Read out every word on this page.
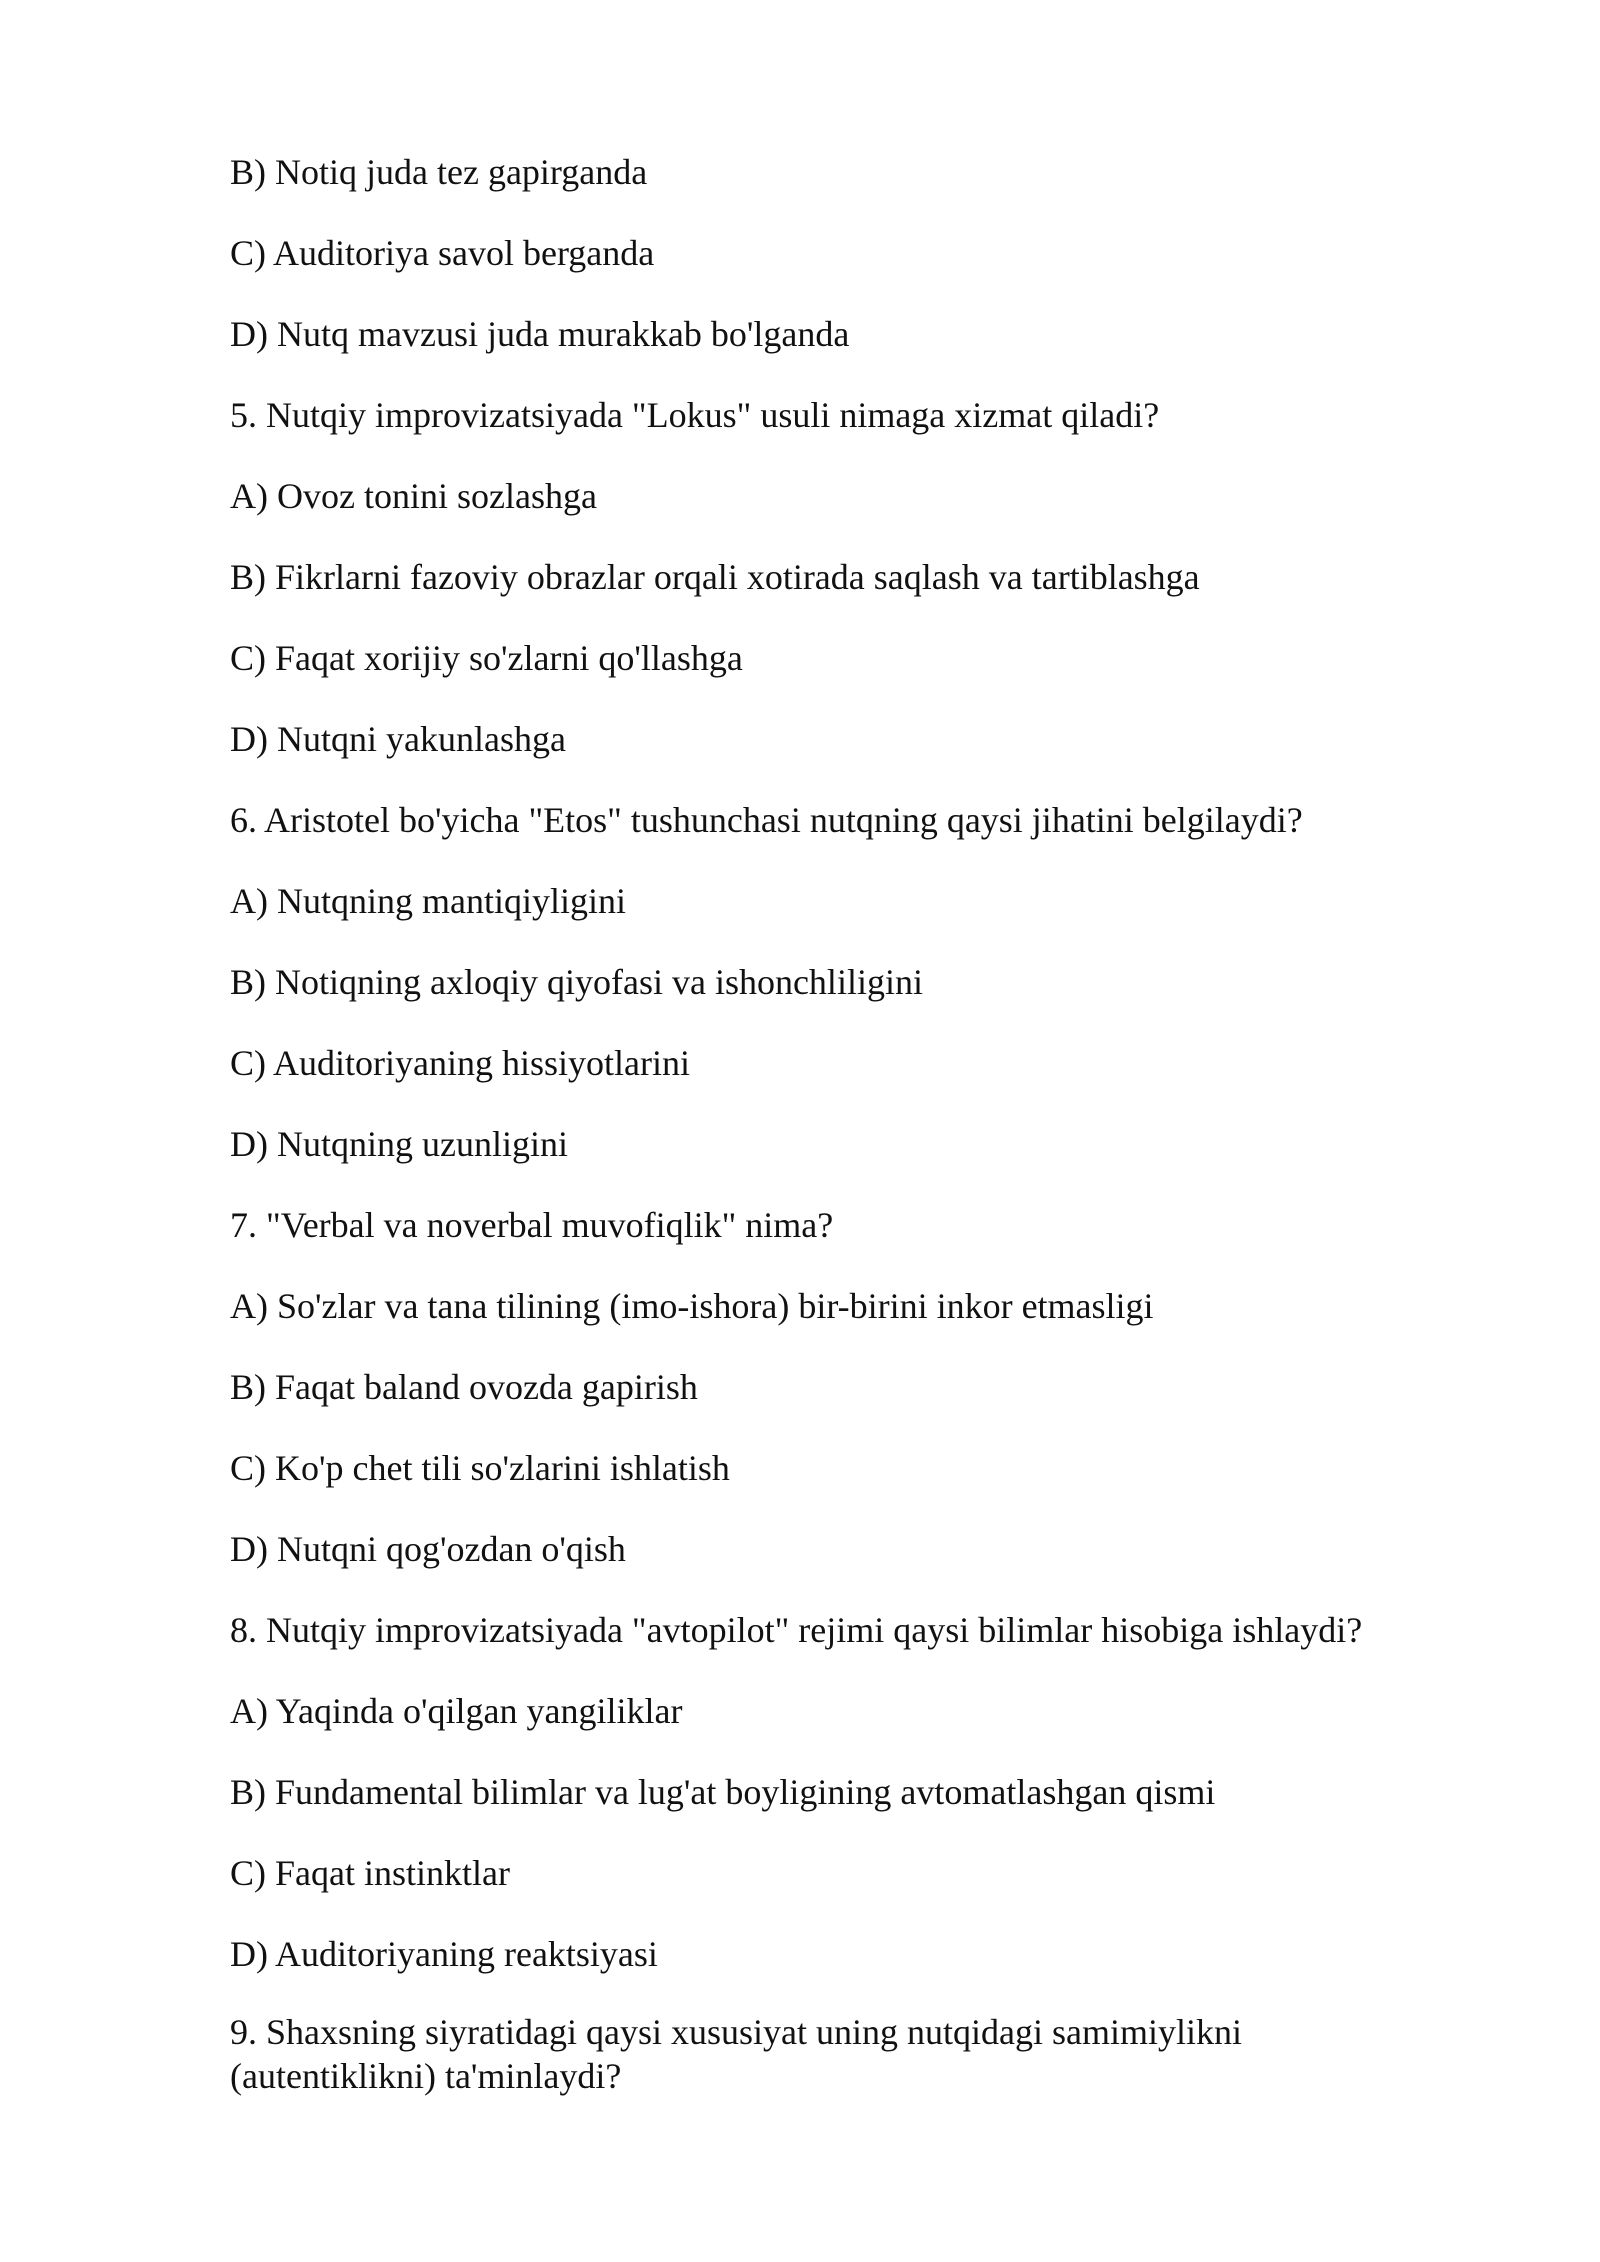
B) Notiq juda tez gapirganda
C) Auditoriya savol berganda
D) Nutq mavzusi juda murakkab bo'lganda
5. Nutqiy improvizatsiyada "Lokus" usuli nimaga xizmat qiladi?
A) Ovoz tonini sozlashga
B) Fikrlarni fazoviy obrazlar orqali xotirada saqlash va tartiblashga
C) Faqat xorijiy so'zlarni qo'llashga
D) Nutqni yakunlashga
6. Aristotel bo'yicha "Etos" tushunchasi nutqning qaysi jihatini belgilaydi?
A) Nutqning mantiqiyligini
B) Notiqning axloqiy qiyofasi va ishonchliligini
C) Auditoriyaning hissiyotlarini
D) Nutqning uzunligini
7. "Verbal va noverbal muvofiqlik" nima?
A) So'zlar va tana tilining (imo-ishora) bir-birini inkor etmasligi
B) Faqat baland ovozda gapirish
C) Ko'p chet tili so'zlarini ishlatish
D) Nutqni qog'ozdan o'qish
8. Nutqiy improvizatsiyada "avtopilot" rejimi qaysi bilimlar hisobiga ishlaydi?
A) Yaqinda o'qilgan yangiliklar
B) Fundamental bilimlar va lug'at boyligining avtomatlashgan qismi
C) Faqat instinktlar
D) Auditoriyaning reaktsiyasi
9. Shaxsning siyratidagi qaysi xususiyat uning nutqidagi samimiylikni
(autentiklikni) ta'minlaydi?
